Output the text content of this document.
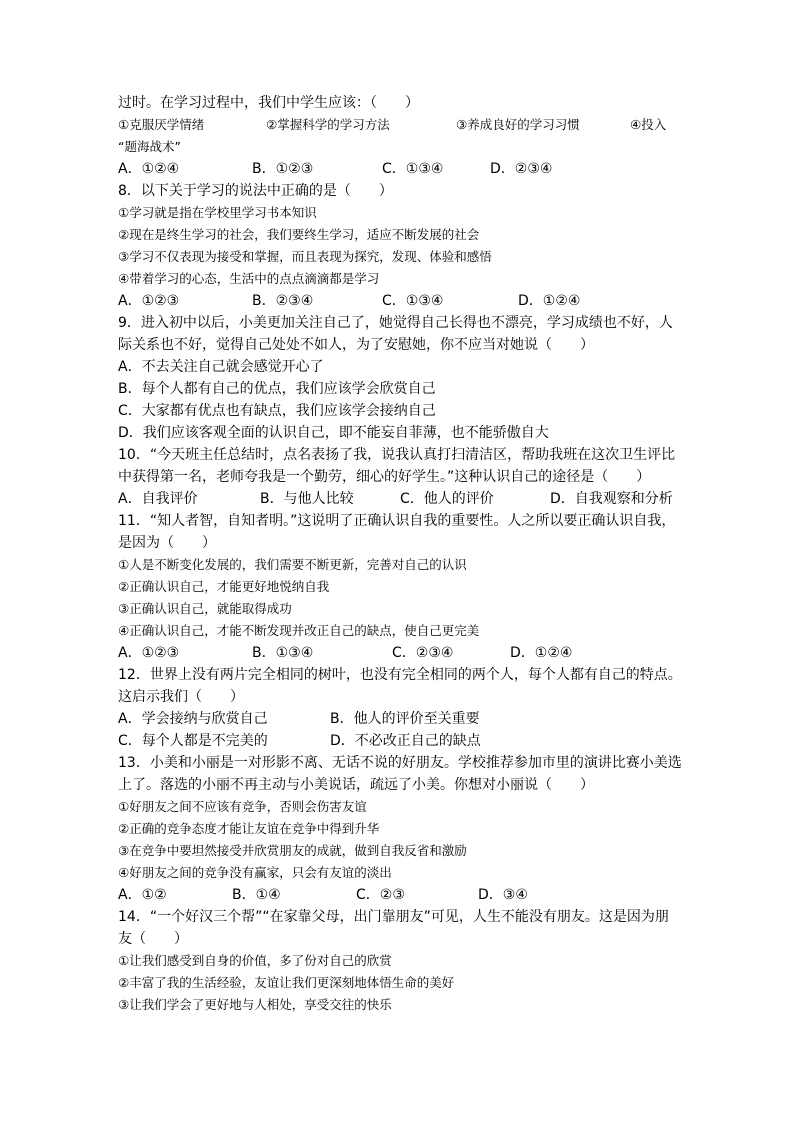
过时。在学习过程中，我们中学生应该：（　　）
①克服厌学情绪	②掌握科学的学习方法	③养成良好的学习习惯	④投入
“题海战术”
A．①②④	B．①②③	C．①③④	D．②③④
8．以下关于学习的说法中正确的是（　　）
①学习就是指在学校里学习书本知识
②现在是终生学习的社会，我们要终生学习，适应不断发展的社会
③学习不仅表现为接受和掌握，而且表现为探究，发现、体验和感悟
④带着学习的心态，生活中的点点滴滴都是学习
A．①②③	B．②③④	C．①③④	D．①②④
9．进入初中以后，小美更加关注自己了，她觉得自己长得也不漂亮，学习成绩也不好，人
际关系也不好，觉得自己处处不如人，为了安慰她，你不应当对她说（　　）
A．不去关注自己就会感觉开心了
B．每个人都有自己的优点，我们应该学会欣赏自己
C．大家都有优点也有缺点，我们应该学会接纳自己
D．我们应该客观全面的认识自己，即不能妄自菲薄，也不能骄傲自大
10．“今天班主任总结时，点名表扬了我，说我认真打扫清洁区，帮助我班在这次卫生评比
中获得第一名，老师夸我是一个勤劳，细心的好学生。”这种认识自己的途径是（　　）
A．自我评价	B．与他人比较	C．他人的评价	D．自我观察和分析
11．“知人者智，自知者明。”这说明了正确认识自我的重要性。人之所以要正确认识自我，
是因为（　　）
①人是不断变化发展的，我们需要不断更新，完善对自己的认识
②正确认识自己，才能更好地悦纳自我
③正确认识自己，就能取得成功
④正确认识自己，才能不断发现并改正自己的缺点，使自己更完美
A．①②③	B．①③④	C．②③④	D．①②④
12．世界上没有两片完全相同的树叶，也没有完全相同的两个人，每个人都有自己的特点。
这启示我们（　　）
A．学会接纳与欣赏自己	B．他人的评价至关重要
C．每个人都是不完美的	D．不必改正自己的缺点
13．小美和小丽是一对形影不离、无话不说的好朋友。学校推荐参加市里的演讲比赛小美选
上了。落选的小丽不再主动与小美说话，疏远了小美。你想对小丽说（　　）
①好朋友之间不应该有竞争，否则会伤害友谊
②正确的竞争态度才能让友谊在竞争中得到升华
③在竞争中要坦然接受并欣赏朋友的成就，做到自我反省和激励
④好朋友之间的竞争没有赢家，只会有友谊的淡出
A．①②	B．①④	C．②③	D．③④
14．“一个好汉三个帮”“在家靠父母，出门靠朋友”可见，人生不能没有朋友。这是因为朋
友（　　）
①让我们感受到自身的价值，多了份对自己的欣赏
②丰富了我的生活经验，友谊让我们更深刻地体悟生命的美好
③让我们学会了更好地与人相处，享受交往的快乐
